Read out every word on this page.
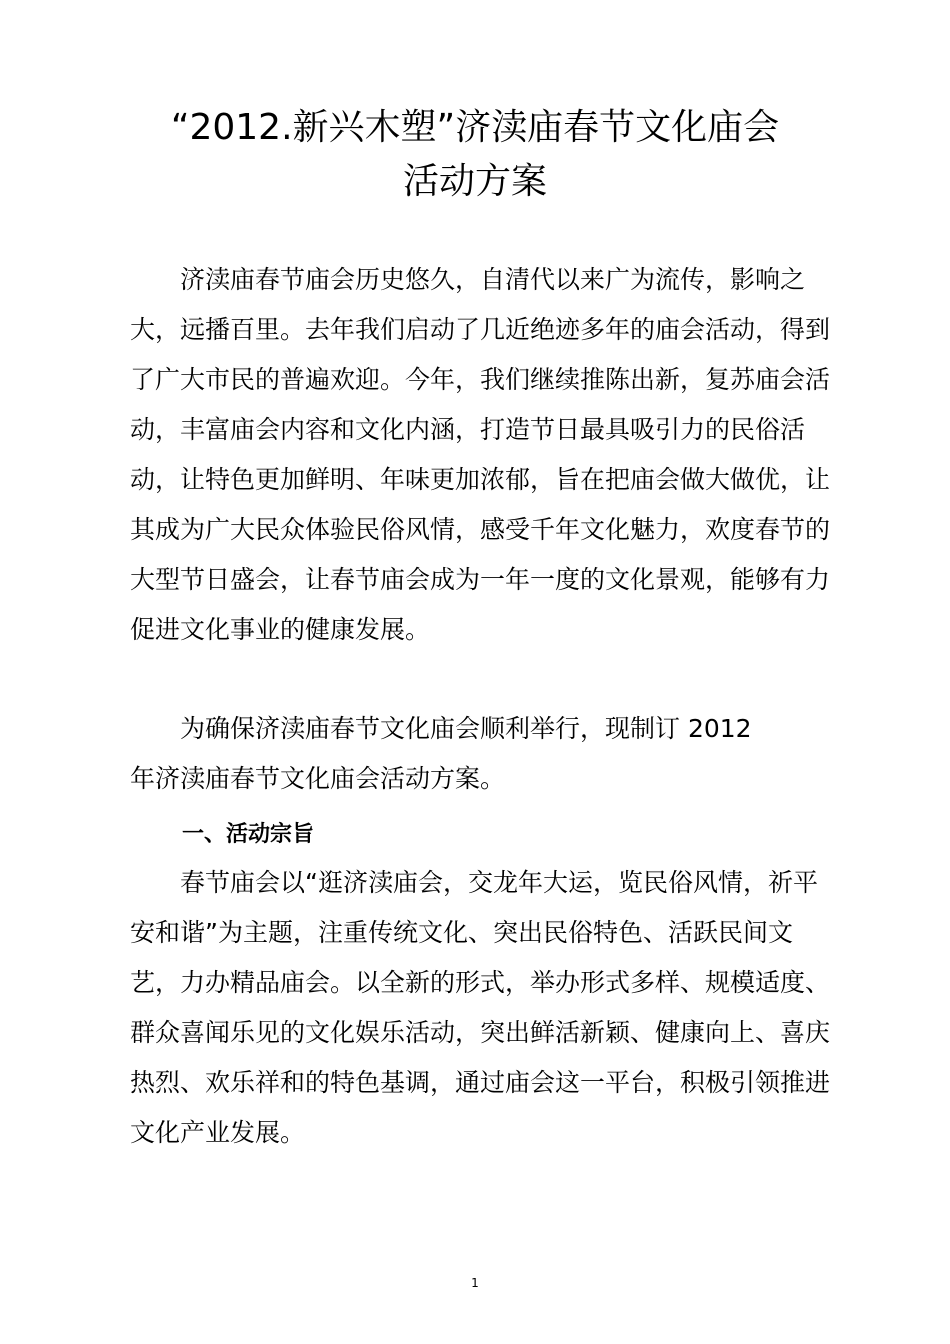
“2012.新兴木塑”济渎庙春节文化庙会
活动方案

济渎庙春节庙会历史悠久，自清代以来广为流传，影响之大，远播百里。去年我们启动了几近绝迹多年的庙会活动，得到了广大市民的普遍欢迎。今年，我们继续推陈出新，复苏庙会活动，丰富庙会内容和文化内涵，打造节日最具吸引力的民俗活动，让特色更加鲜明、年味更加浓郁，旨在把庙会做大做优，让其成为广大民众体验民俗风情，感受千年文化魅力，欢度春节的大型节日盛会，让春节庙会成为一年一度的文化景观，能够有力促进文化事业的健康发展。

为确保济渎庙春节文化庙会顺利举行，现制订 2012
年济渎庙春节文化庙会活动方案。
一、活动宗旨

春节庙会以“逛济渎庙会，交龙年大运，览民俗风情，祈平安和谐”为主题，注重传统文化、突出民俗特色、活跃民间文艺，力办精品庙会。以全新的形式，举办形式多样、规模适度、群众喜闻乐见的文化娱乐活动，突出鲜活新颖、健康向上、喜庆热烈、欢乐祥和的特色基调，通过庙会这一平台，积极引领推进文化产业发展。

1
